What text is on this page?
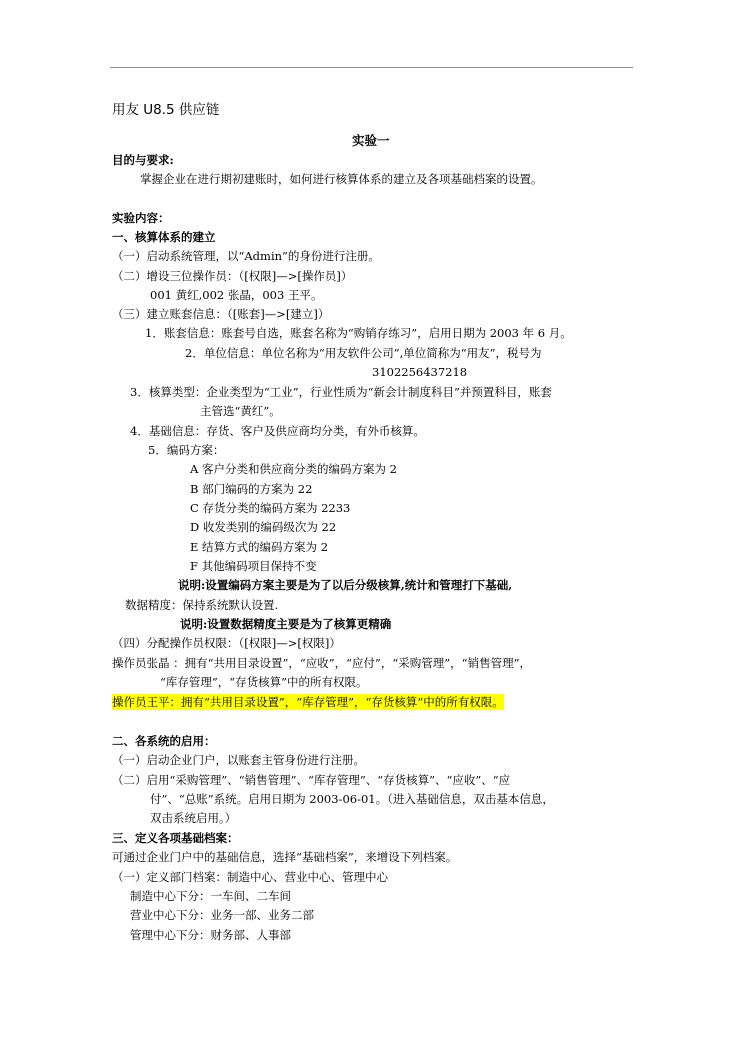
用友 U8.5 供应链
实验一
目的与要求:
掌握企业在进行期初建账时，如何进行核算体系的建立及各项基础档案的设置。
实验内容：
一、核算体系的建立
（一）启动系统管理，以“Admin”的身份进行注册。
（二）增设三位操作员：（[权限]—>[操作员]）
001 黄红,002 张晶，003 王平。
（三）建立账套信息：（[账套]—>[建立]）
1．账套信息：账套号自选，账套名称为“购销存练习”，启用日期为 2003 年 6 月。
2．单位信息：单位名称为“用友软件公司”,单位简称为“用友”，税号为
3102256437218
3．核算类型：企业类型为“工业”，行业性质为“新会计制度科目”并预置科目，账套
主管选“黄红”。
4．基础信息：存货、客户及供应商均分类，有外币核算。
5．编码方案：
A 客户分类和供应商分类的编码方案为 2
B 部门编码的方案为 22
C 存货分类的编码方案为 2233
D 收发类别的编码级次为 22
E 结算方式的编码方案为 2
F 其他编码项目保持不变
说明:设置编码方案主要是为了以后分级核算,统计和管理打下基础,
数据精度：保持系统默认设置.
说明:设置数据精度主要是为了核算更精确
（四）分配操作员权限：（[权限]—>[权限]）
操作员张晶 ：拥有“共用目录设置”，“应收”，“应付”，“采购管理”，“销售管理”，
“库存管理”，“存货核算”中的所有权限。
操作员王平：拥有“共用目录设置”，“库存管理”，“存货核算”中的所有权限。
二、各系统的启用：
（一）启动企业门户，以账套主管身份进行注册。
（二）启用“采购管理”、“销售管理”、“库存管理”、“存货核算”、“应收”、“应
付”、“总账”系统。启用日期为 2003-06-01。（进入基础信息，双击基本信息，
双击系统启用。）
三、定义各项基础档案：
可通过企业门户中的基础信息，选择“基础档案”，来增设下列档案。
（一）定义部门档案：制造中心、营业中心、管理中心
制造中心下分：一车间、二车间
营业中心下分：业务一部、业务二部
管理中心下分：财务部、人事部
